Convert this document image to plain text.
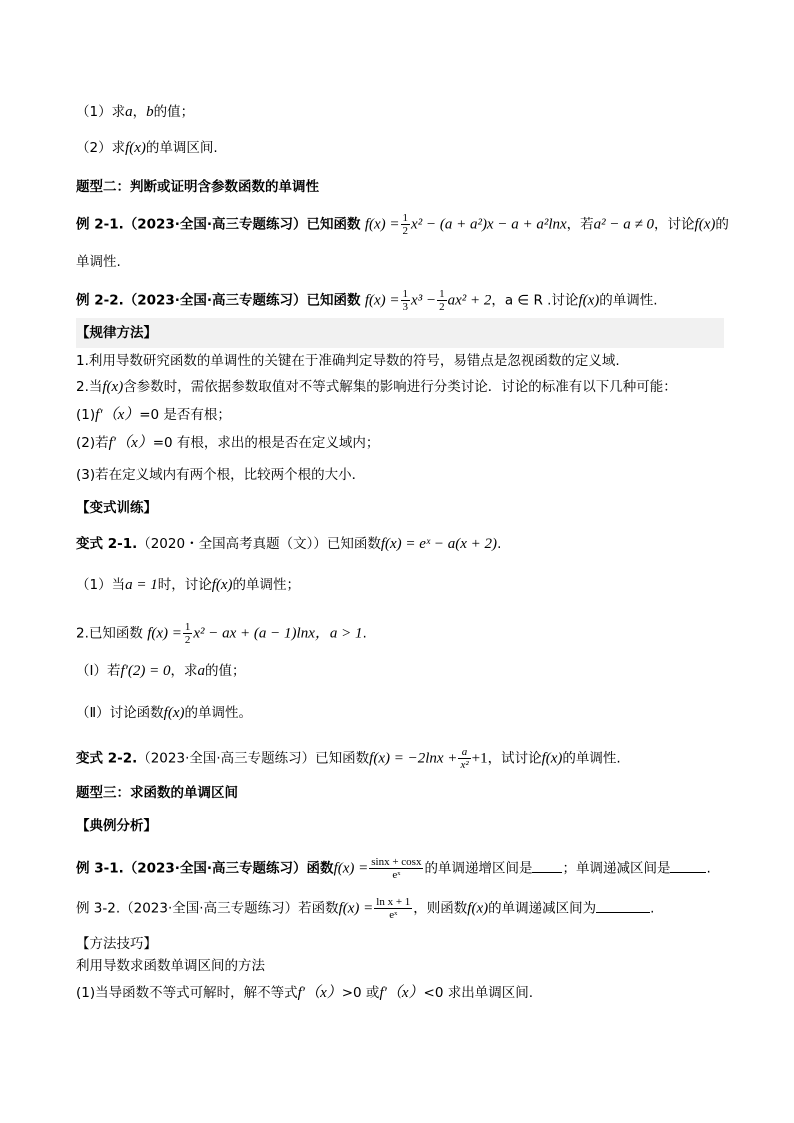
（1）求a，b的值；
（2）求f(x)的单调区间.
题型二：判断或证明含参数函数的单调性
例 2-1.（2023·全国·高三专题练习）已知函数 $f(x) = \frac{1}{2} x^2 - (a + a^2)x - a + a^2\ln x$，若a² − a ≠ 0，讨论f(x)的
单调性.
例 2-2.（2023·全国·高三专题练习）已知函数 $f(x) = \frac{1}{3} x^3 - \frac{1}{2} ax^2 + 2$，a ∈ R .讨论f(x)的单调性.
【规律方法】
1.利用导数研究函数的单调性的关键在于准确判定导数的符号，易错点是忽视函数的定义域.
2.当f(x)含参数时，需依据参数取值对不等式解集的影响进行分类讨论．讨论的标准有以下几种可能：
(1)f′（x）=0 是否有根；
(2)若f′（x）=0 有根，求出的根是否在定义域内；
(3)若在定义域内有两个根，比较两个根的大小．
【变式训练】
变式 2-1.（2020・全国高考真题（文））已知函数f(x) = eˣ − a(x + 2).
（1）当a = 1时，讨论f(x)的单调性；
2.已知函数 $f(x) = \frac{1}{2} x^2$ − ax + (a − 1)lnx，a > 1.
（Ⅰ）若f′(2) = 0，求a的值；
（Ⅱ）讨论函数f(x)的单调性。
变式 2-2.（2023·全国·高三专题练习）已知函数$f(x) = -2\ln x + \frac{a}{\text{x²}} +1$，试讨论f(x)的单调性.
题型三：求函数的单调区间
【典例分析】
例 3-1.（2023·全国·高三专题练习）函数$f(x) = \frac{\sin x + \cos x}{\text{eˣ}}$ 的单调递增区间是 ；单调递减区间是	.
例 3-2.（2023·全国·高三专题练习）若函数$f(x) = \frac{\text{ln x + 1}}{\text{eˣ}}$ ，则函数f(x)的单调递减区间为	.
【方法技巧】
利用导数求函数单调区间的方法
(1)当导函数不等式可解时，解不等式f′（x）>0 或f′（x）<0 求出单调区间.
